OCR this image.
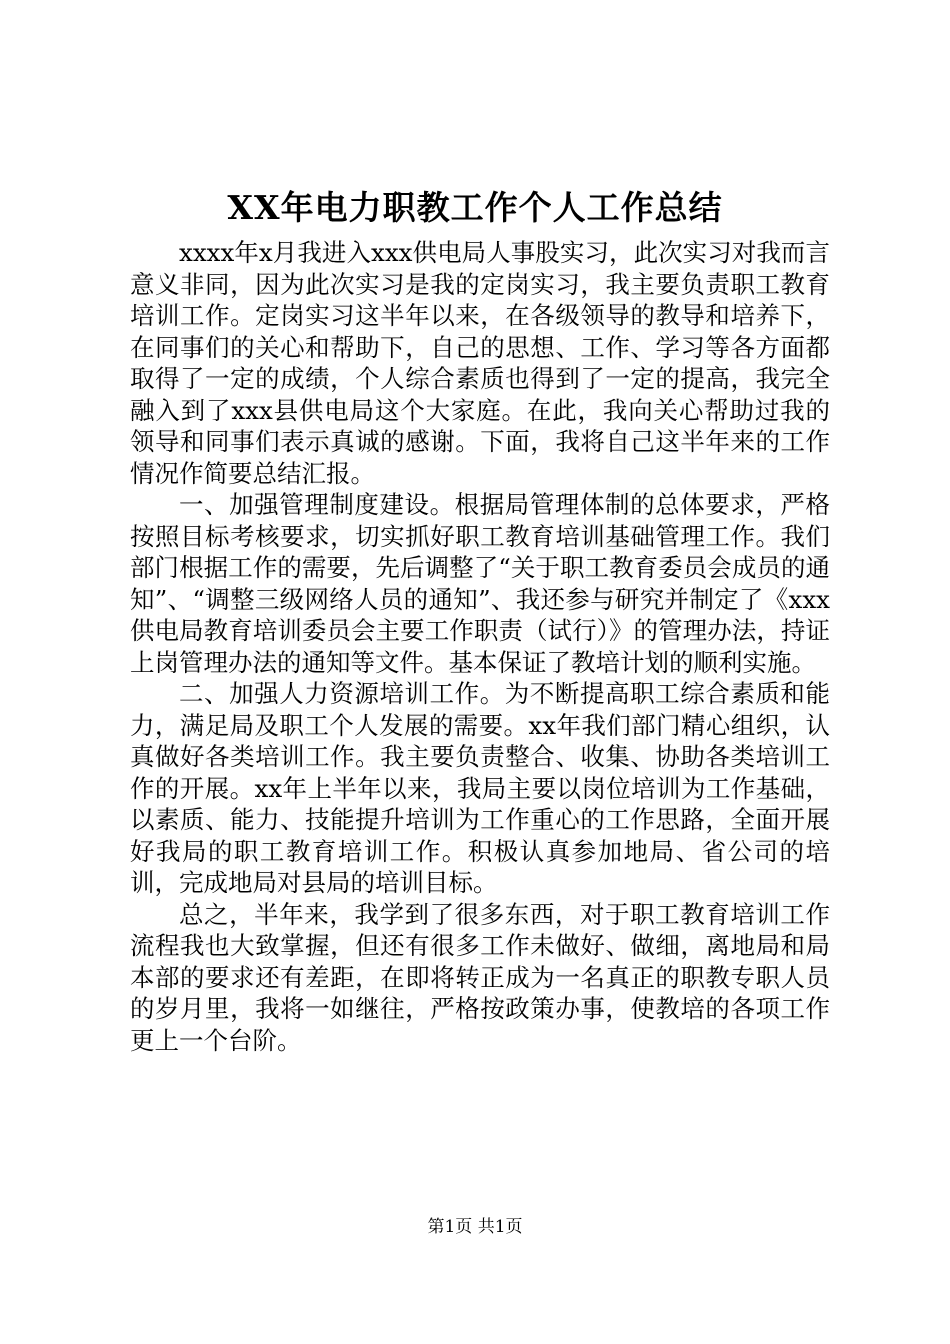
XX年电力职教工作个人工作总结

xxxx年x月我进入xxx供电局人事股实习，此次实习对我而言意义非同，因为此次实习是我的定岗实习，我主要负责职工教育培训工作。定岗实习这半年以来，在各级领导的教导和培养下，在同事们的关心和帮助下，自己的思想、工作、学习等各方面都取得了一定的成绩，个人综合素质也得到了一定的提高，我完全融入到了xxx县供电局这个大家庭。在此，我向关心帮助过我的领导和同事们表示真诚的感谢。下面，我将自己这半年来的工作情况作简要总结汇报。

一、加强管理制度建设。根据局管理体制的总体要求，严格按照目标考核要求，切实抓好职工教育培训基础管理工作。我们部门根据工作的需要，先后调整了“关于职工教育委员会成员的通知”、“调整三级网络人员的通知”、我还参与研究并制定了《xxx供电局教育培训委员会主要工作职责（试行）》的管理办法，持证上岗管理办法的通知等文件。基本保证了教培计划的顺利实施。

二、加强人力资源培训工作。为不断提高职工综合素质和能力，满足局及职工个人发展的需要。xx年我们部门精心组织，认真做好各类培训工作。我主要负责整合、收集、协助各类培训工作的开展。xx年上半年以来，我局主要以岗位培训为工作基础，以素质、能力、技能提升培训为工作重心的工作思路，全面开展好我局的职工教育培训工作。积极认真参加地局、省公司的培训，完成地局对县局的培训目标。

总之，半年来，我学到了很多东西，对于职工教育培训工作流程我也大致掌握，但还有很多工作未做好、做细，离地局和局本部的要求还有差距，在即将转正成为一名真正的职教专职人员的岁月里，我将一如继往，严格按政策办事，使教培的各项工作更上一个台阶。

第1页 共1页
